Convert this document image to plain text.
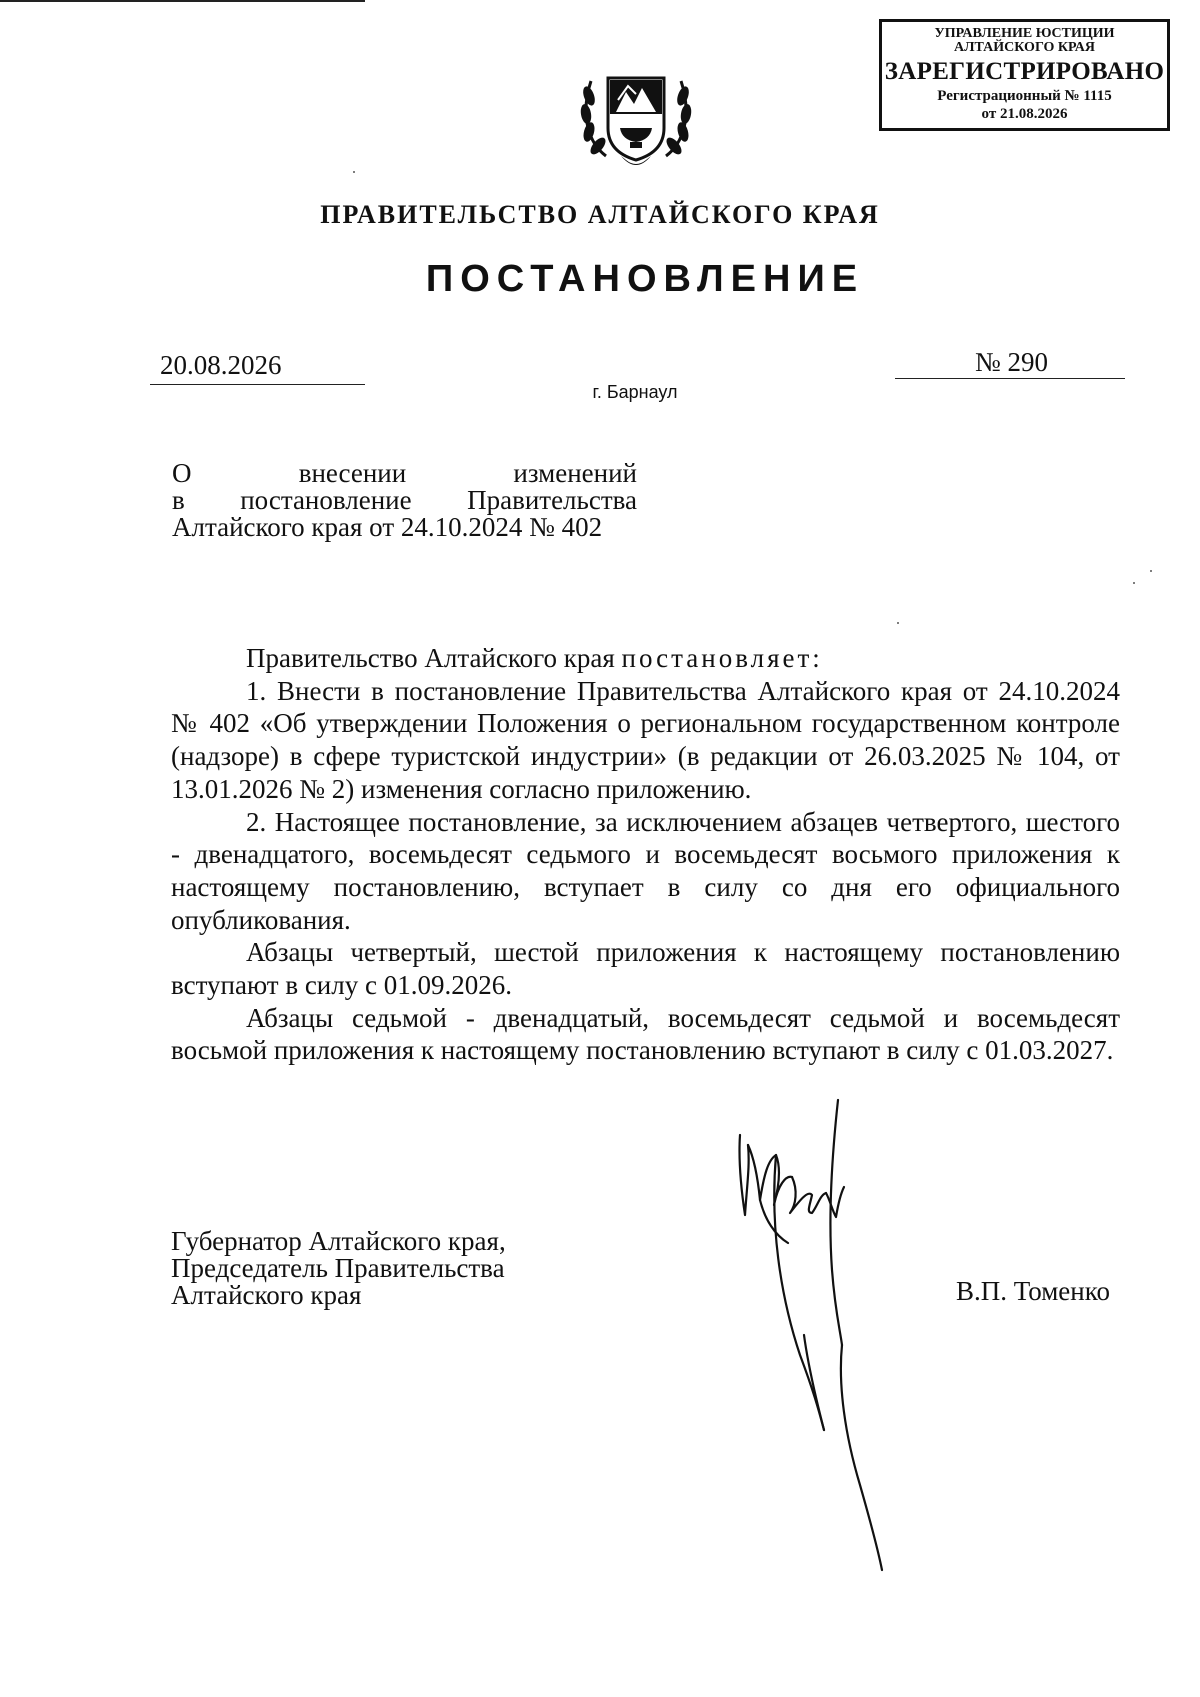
УПРАВЛЕНИЕ ЮСТИЦИИ
АЛТАЙСКОГО КРАЯ
ЗАРЕГИСТРИРОВАНО
Регистрационный № 1115
от 21.08.2026
ПРАВИТЕЛЬСТВО АЛТАЙСКОГО КРАЯ
ПОСТАНОВЛЕНИЕ
20.08.2026	№ 290
г. Барнаул
О внесении изменений
в постановление Правительства
Алтайского края от 24.10.2024 № 402

Правительство Алтайского края постановляет:

1. Внести в постановление Правительства Алтайского края от 24.10.2024 № 402 «Об утверждении Положения о региональном государственном контроле (надзоре) в сфере туристской индустрии» (в редакции от 26.03.2025 № 104, от 13.01.2026 № 2) изменения согласно приложению.

2. Настоящее постановление, за исключением абзацев четвертого, шестого - двенадцатого, восемьдесят седьмого и восемьдесят восьмого приложения к настоящему постановлению, вступает в силу со дня его официального опубликования.

Абзацы четвертый, шестой приложения к настоящему постановлению вступают в силу с 01.09.2026.

Абзацы седьмой - двенадцатый, восемьдесят седьмой и восемьдесят восьмой приложения к настоящему постановлению вступают в силу с 01.03.2027.

Губернатор Алтайского края,
Председатель Правительства
Алтайского края	В.П. Томенко
